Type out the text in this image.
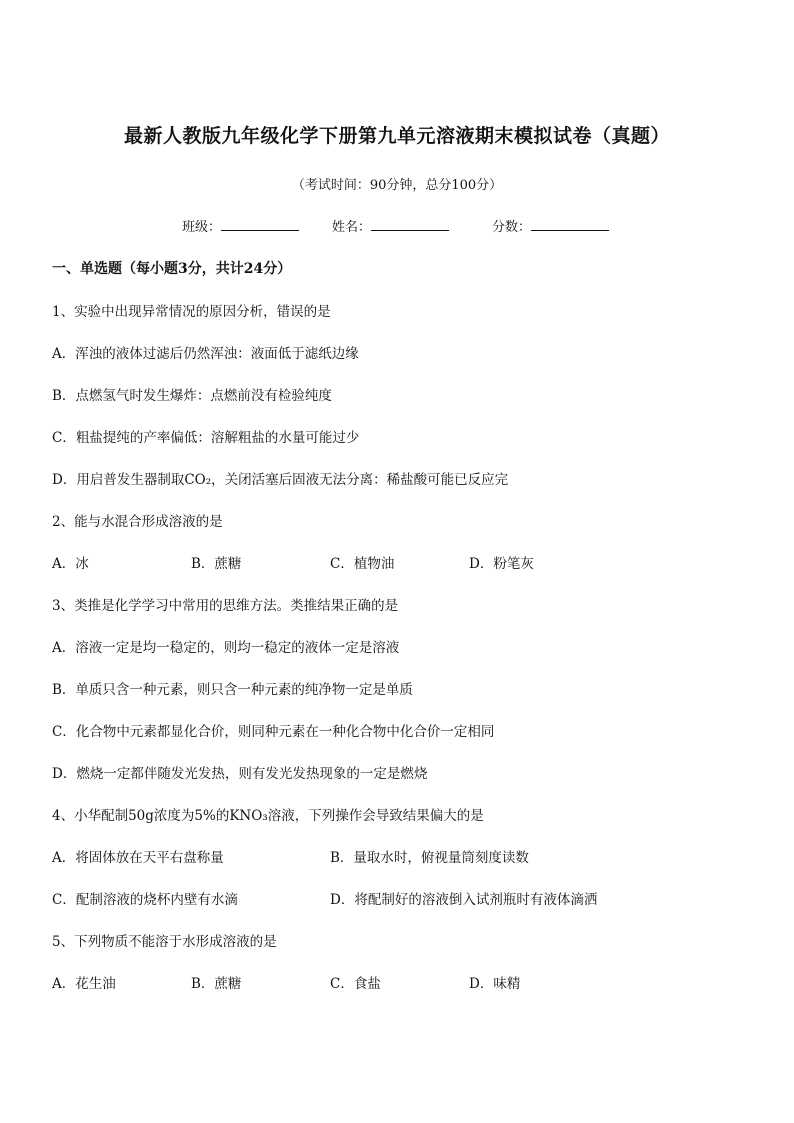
最新人教版九年级化学下册第九单元溶液期末模拟试卷（真题）
（考试时间：90分钟，总分100分）
班级：	姓名：	分数：
一、单选题（每小题3分，共计24分）
1、实验中出现异常情况的原因分析，错误的是
A．浑浊的液体过滤后仍然浑浊：液面低于滤纸边缘
B．点燃氢气时发生爆炸：点燃前没有检验纯度
C．粗盐提纯的产率偏低：溶解粗盐的水量可能过少
D．用启普发生器制取CO₂，关闭活塞后固液无法分离：稀盐酸可能已反应完
2、能与水混合形成溶液的是
A．冰	B．蔗糖	C．植物油	D．粉笔灰
3、类推是化学学习中常用的思维方法。类推结果正确的是
A．溶液一定是均一稳定的，则均一稳定的液体一定是溶液
B．单质只含一种元素，则只含一种元素的纯净物一定是单质
C．化合物中元素都显化合价，则同种元素在一种化合物中化合价一定相同
D．燃烧一定都伴随发光发热，则有发光发热现象的一定是燃烧
4、小华配制50g浓度为5%的KNO₃溶液，下列操作会导致结果偏大的是
A．将固体放在天平右盘称量	B．量取水时，俯视量筒刻度读数
C．配制溶液的烧杯内壁有水滴	D．将配制好的溶液倒入试剂瓶时有液体滴洒
5、下列物质不能溶于水形成溶液的是
A．花生油	B．蔗糖	C．食盐	D．味精
